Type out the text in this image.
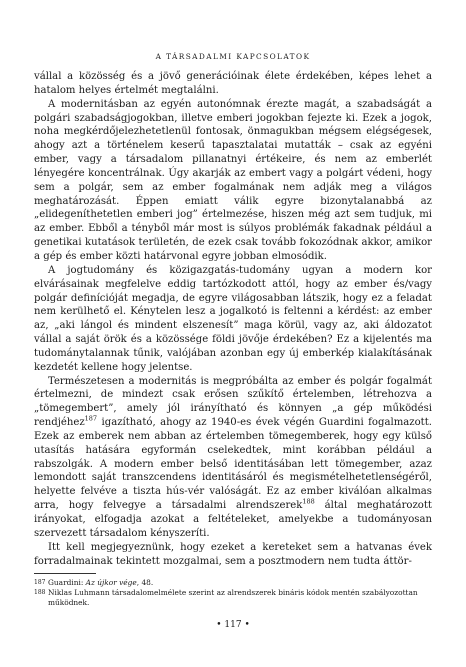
A TÁRSADALMI KAPCSOLATOK

vállal a közösség és a jövő generációinak élete érdekében, képes lehet a hatalom helyes értelmét megtalálni.

A modernitásban az egyén autonómnak érezte magát, a szabadságát a polgári szabadságjogokban, illetve emberi jogokban fejezte ki. Ezek a jogok, noha megkérdőjelezhetetlenül fontosak, önmagukban mégsem elégségesek, ahogy azt a történelem keserű tapasztalatai mutatták – csak az egyéni ember, vagy a társadalom pillanatnyi értékeire, és nem az emberlét lényegére koncentrálnak. Úgy akarják az embert vagy a polgárt védeni, hogy sem a polgár, sem az ember fogalmának nem adják meg a világos meghatározását. Éppen emiatt válik egyre bizonytalanabbá az „elidegeníthetetlen emberi jog” értelmezése, hiszen még azt sem tudjuk, mi az ember. Ebből a tényből már most is súlyos problémák fakadnak például a genetikai kutatások területén, de ezek csak tovább fokozódnak akkor, amikor a gép és ember közti határvonal egyre jobban elmosódik.

A jogtudomány és közigazgatás-tudomány ugyan a modern kor elvárásainak megfelelve eddig tartózkodott attól, hogy az ember és/vagy polgár definícióját megadja, de egyre világosabban látszik, hogy ez a feladat nem kerülhető el. Kénytelen lesz a jogalkotó is feltenni a kérdést: az ember az, „aki lángol és mindent elszenesít” maga körül, vagy az, aki áldozatot vállal a saját örök és a közössége földi jövője érdekében? Ez a kijelentés ma tudománytalannak tűnik, valójában azonban egy új emberkép kialakításának kezdetét kellene hogy jelentse.

Természetesen a modernitás is megpróbálta az ember és polgár fogalmát értelmezni, de mindezt csak erősen szűkítő értelemben, létrehozva a „tömegembert”, amely jól irányítható és könnyen „a gép működési rendjéhez$^{187}$ igazítható, ahogy az 1940-es évek végén Guardini fogalmazott. Ezek az emberek nem abban az értelemben tömegemberek, hogy egy külső utasítás hatására egyformán cselekedtek, mint korábban például a rabszolgák. A modern ember belső identitásában lett tömegember, azaz lemondott saját transzcendens identitásáról és megismételhetetlenségéről, helyette felvéve a tiszta hús-vér valóságát. Ez az ember kiválóan alkalmas arra, hogy felvegye a társadalmi alrendszerek$^{188}$ által meghatározott irányokat, elfogadja azokat a feltételeket, amelyekbe a tudományosan szervezett társadalom kényszeríti.

Itt kell megjegyeznünk, hogy ezeket a kereteket sem a hatvanas évek forradalmainak tekintett mozgalmai, sem a posztmodern nem tudta áttör-

187 Guardini: Az újkor vége, 48.
188 Niklas Luhmann társadalomelmélete szerint az alrendszerek bináris kódok mentén szabályozottan működnek.
• 117 •
